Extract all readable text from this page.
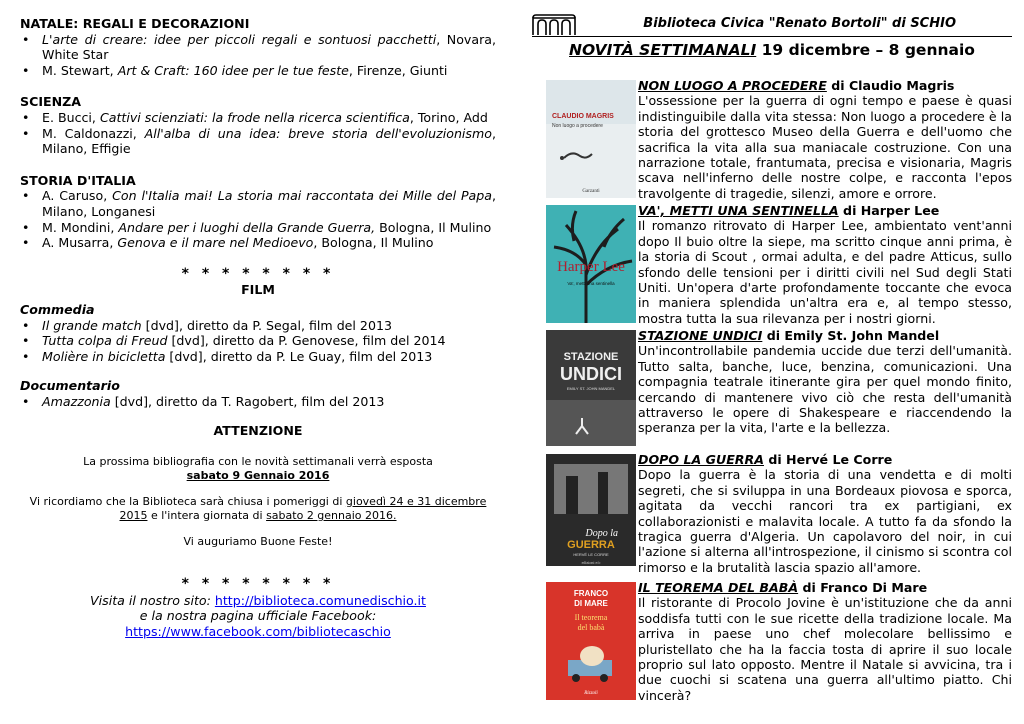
NATALE: REGALI E DECORAZIONI

• L'arte di creare: idee per piccoli regali e sontuosi pacchetti, Novara, White Star
• M. Stewart, Art & Craft: 160 idee per le tue feste, Firenze, Giunti

SCIENZA

• E. Bucci, Cattivi scienziati: la frode nella ricerca scientifica, Torino, Add
• M. Caldonazzi, All'alba di una idea: breve storia dell'evoluzionismo, Milano, Effigie

STORIA D'ITALIA

• A. Caruso, Con l'Italia mai! La storia mai raccontata dei Mille del Papa, Milano, Longanesi
• M. Mondini, Andare per i luoghi della Grande Guerra, Bologna, Il Mulino
• A. Musarra, Genova e il mare nel Medioevo, Bologna, Il Mulino

* * * * * * * *

FILM

Commedia

• Il grande match [dvd], diretto da P. Segal, film del 2013
• Tutta colpa di Freud [dvd], diretto da P. Genovese, film del 2014
• Molière in bicicletta [dvd], diretto da P. Le Guay, film del 2013

Documentario

• Amazzonia [dvd], diretto da T. Ragobert, film del 2013

ATTENZIONE

La prossima bibliografia con le novità settimanali verrà esposta
sabato 9 Gennaio 2016

Vi ricordiamo che la Biblioteca sarà chiusa i pomeriggi di giovedì 24 e 31 dicembre 2015 e l'intera giornata di sabato 2 gennaio 2016.

Vi auguriamo Buone Feste!

* * * * * * * *

Visita il nostro sito: http://biblioteca.comunedischio.it

e la nostra pagina ufficiale Facebook:

https://www.facebook.com/bibliotecaschio

Biblioteca Civica "Renato Bortoli" di SCHIO

NOVITÀ SETTIMANALI 19 dicembre – 8 gennaio

CLAUDIO MAGRIS
Non luogo a procedere
Garzanti
NON LUOGO A PROCEDERE di Claudio Magris
L'ossessione per la guerra di ogni tempo e paese è quasi indistinguibile dalla vita stessa: Non luogo a procedere è la storia del grottesco Museo della Guerra e dell'uomo che sacrifica la vita alla sua maniacale costruzione. Con una narrazione totale, frantumata, precisa e visionaria, Magris scava nell'inferno delle nostre colpe, e racconta l'epos travolgente di tragedie, silenzi, amore e orrore.
Harper Lee
Va', metti una sentinella
VA', METTI UNA SENTINELLA di Harper Lee
Il romanzo ritrovato di Harper Lee, ambientato vent'anni dopo Il buio oltre la siepe, ma scritto cinque anni prima, è la storia di Scout , ormai adulta, e del padre Atticus, sullo sfondo delle tensioni per i diritti civili nel Sud degli Stati Uniti. Un'opera d'arte profondamente toccante che evoca in maniera splendida un'altra era e, al tempo stesso, mostra tutta la sua rilevanza per i nostri giorni.
STAZIONE
UNDICI
EMILY ST. JOHN MANDEL
STAZIONE UNDICI di Emily St. John Mandel
Un'incontrollabile pandemia uccide due terzi dell'umanità. Tutto salta, banche, luce, benzina, comunicazioni. Una compagnia teatrale itinerante gira per quel mondo finito, cercando di mantenere vivo ciò che resta dell'umanità attraverso le opere di Shakespeare e riaccendendo la speranza per la vita, l'arte e la bellezza.
Dopo la
GUERRA
HERVÉ LE CORRE
edizioni e/o
DOPO LA GUERRA di Hervé Le Corre
Dopo la guerra è la storia di una vendetta e di molti segreti, che si sviluppa in una Bordeaux piovosa e sporca, agitata da vecchi rancori tra ex partigiani, ex collaborazionisti e malavita locale. A tutto fa da sfondo la tragica guerra d'Algeria. Un capolavoro del noir, in cui l'azione si alterna all'introspezione, il cinismo si scontra col rimorso e la brutalità lascia spazio all'amore.
FRANCO
DI MARE
Il teorema
del babà
Rizzoli
IL TEOREMA DEL BABÀ di Franco Di Mare
Il ristorante di Procolo Jovine è un'istituzione che da anni soddisfa tutti con le sue ricette della tradizione locale. Ma arriva in paese uno chef molecolare bellissimo e pluristellato che ha la faccia tosta di aprire il suo locale proprio sul lato opposto. Mentre il Natale si avvicina, tra i due cuochi si scatena una guerra all'ultimo piatto. Chi vincerà?
